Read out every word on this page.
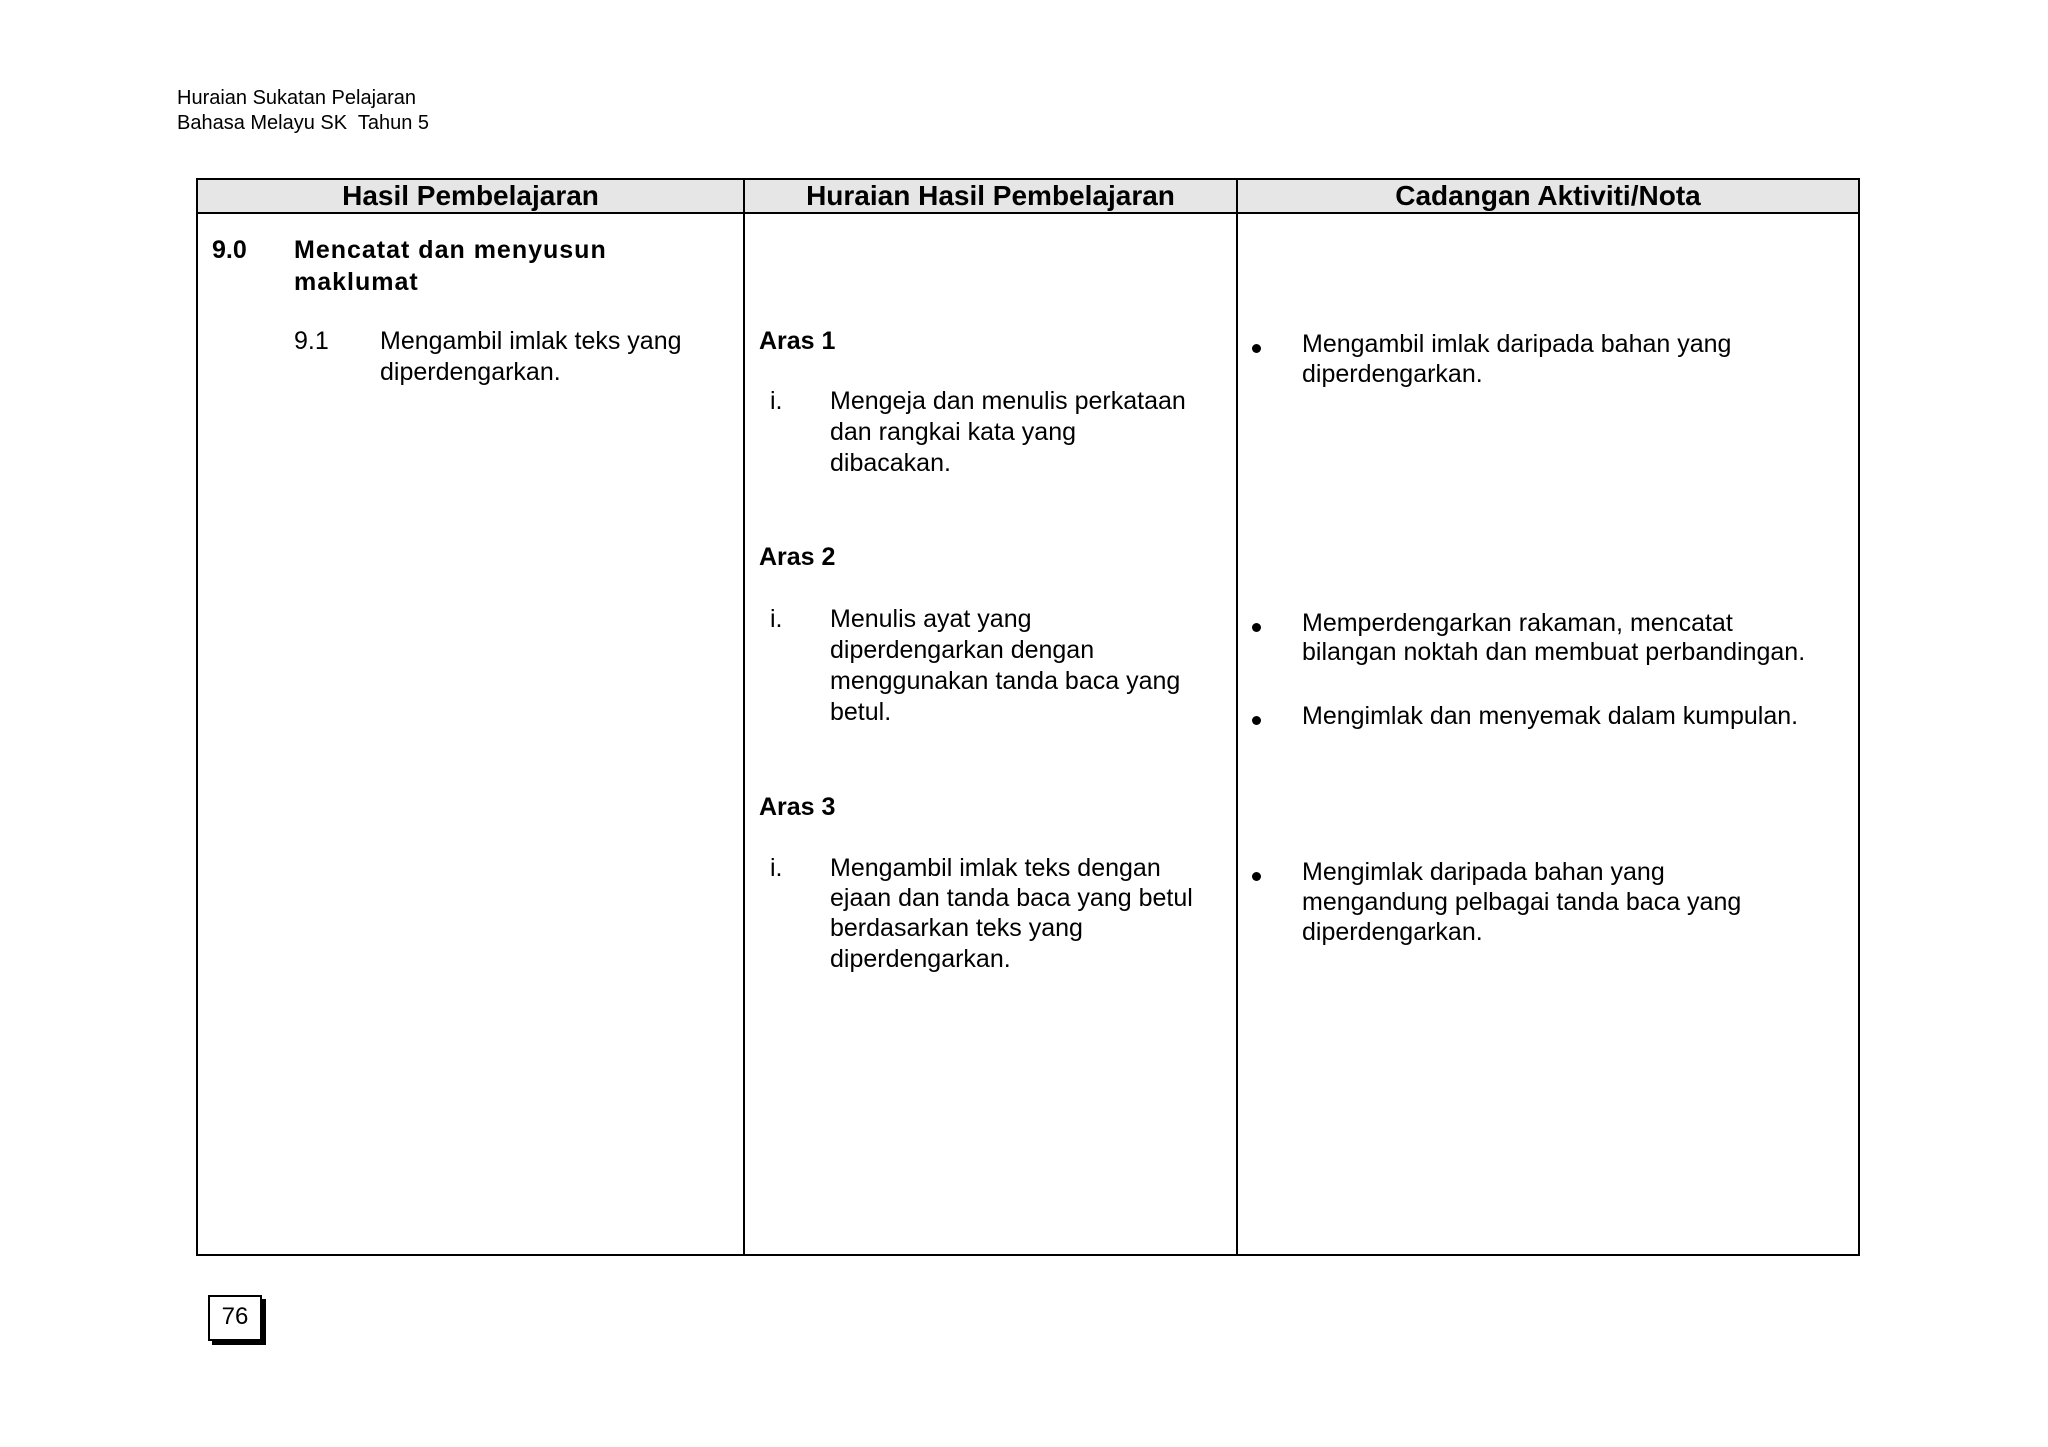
Huraian Sukatan Pelajaran
Bahasa Melayu SK  Tahun 5
Hasil Pembelajaran	Huraian Hasil Pembelajaran	Cadangan Aktiviti/Nota
9.0 Mencatat dan menyusun
maklumat
9.1 Mengambil imlak teks yang
diperdengarkan.
Aras 1
i. Mengeja dan menulis perkataan
dan rangkai kata yang
dibacakan.
Aras 2
i. Menulis ayat yang
diperdengarkan dengan
menggunakan tanda baca yang
betul.
Aras 3
i. Mengambil imlak teks dengan
ejaan dan tanda baca yang betul
berdasarkan teks yang
diperdengarkan.
Mengambil imlak daripada bahan yang
diperdengarkan.
Memperdengarkan rakaman, mencatat
bilangan noktah dan membuat perbandingan.
Mengimlak dan menyemak dalam kumpulan.
Mengimlak daripada bahan yang
mengandung pelbagai tanda baca yang
diperdengarkan.
76
